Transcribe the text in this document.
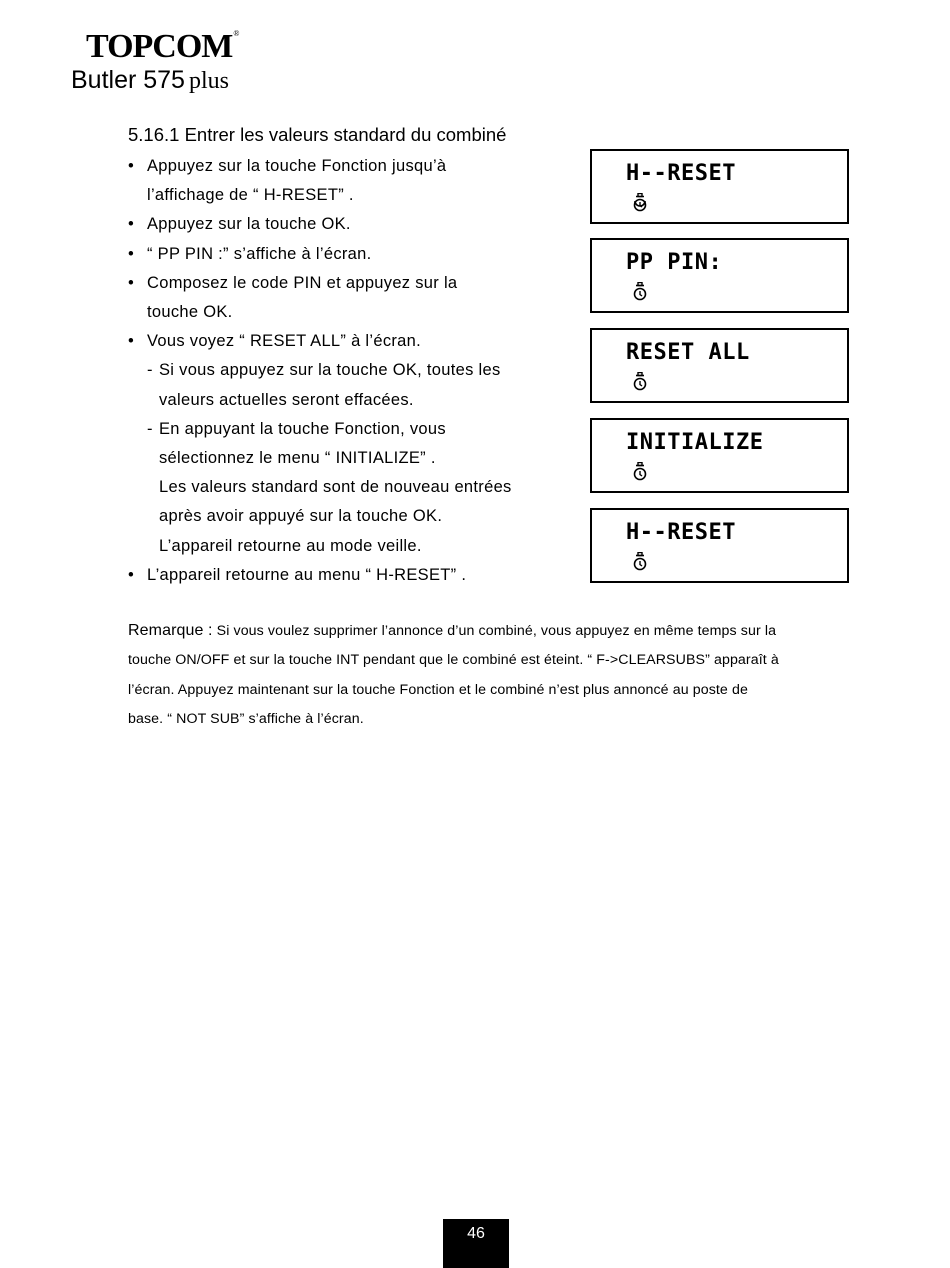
TOPCOM®
Butler 575 plus
5.16.1 Entrer les valeurs standard du combiné
• Appuyez sur la touche Fonction jusqu’à
l’affichage de “ H-RESET” .
• Appuyez sur la touche OK.
• “ PP PIN :” s’affiche à l’écran.
• Composez le code PIN et appuyez sur la
touche OK.
• Vous voyez “ RESET ALL” à l’écran.
- Si vous appuyez sur la touche OK, toutes les
valeurs actuelles seront effacées.
- En appuyant la touche Fonction, vous
sélectionnez le menu “ INITIALIZE” .
Les valeurs standard sont de nouveau entrées
après avoir appuyé sur la touche OK.
L’appareil retourne au mode veille.
• L’appareil retourne au menu “ H-RESET” .
H--RESET
PP PIN:
RESET ALL
INITIALIZE
H--RESET
Remarque : Si vous voulez supprimer l’annonce d’un combiné, vous appuyez en même temps sur la
touche ON/OFF et sur la touche INT pendant que le combiné est éteint. “ F->CLEARSUBS” apparaît à
l’écran. Appuyez maintenant sur la touche Fonction et le combiné n’est plus annoncé au poste de
base. “ NOT SUB” s’affiche à l’écran.
46
